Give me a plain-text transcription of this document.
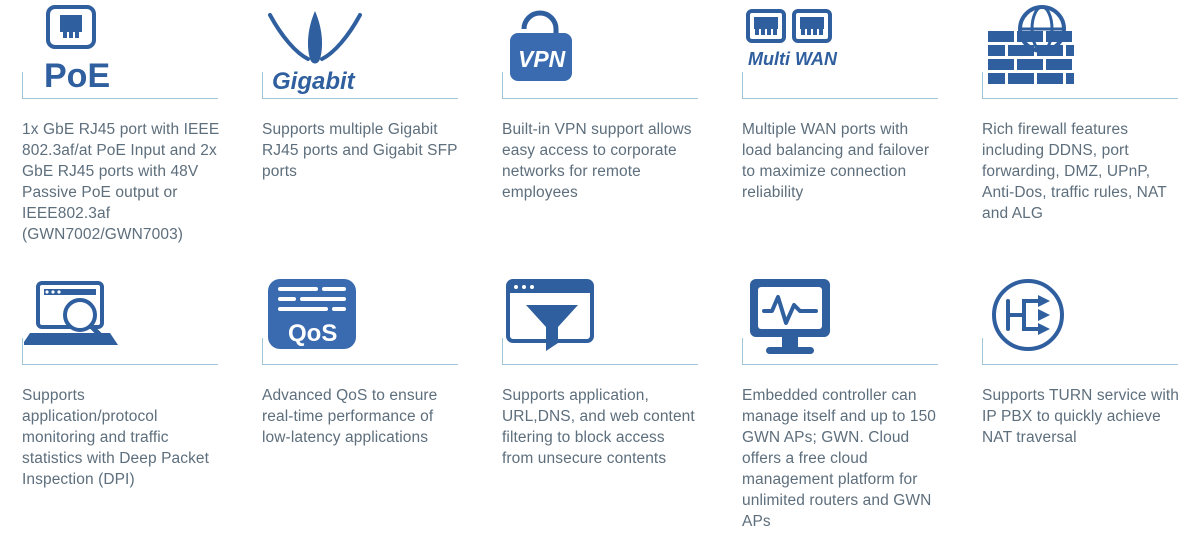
PoE
1x GbE RJ45 port with IEEE 802.3af/at PoE Input and 2x GbE RJ45 ports with 48V Passive PoE output or IEEE802.3af (GWN7002/GWN7003)
Gigabit
Supports multiple Gigabit RJ45 ports and Gigabit SFP ports
VPN
Built-in VPN support allows easy access to corporate networks for remote employees
Multi WAN
Multiple WAN ports with load balancing and failover to maximize connection reliability
Rich firewall features including DDNS, port forwarding, DMZ, UPnP, Anti-Dos, traffic rules, NAT and ALG
Supports application/protocol monitoring and traffic statistics with Deep Packet Inspection (DPI)
QoS
Advanced QoS to ensure real-time performance of low-latency applications
Supports application, URL,DNS, and web content filtering to block access from unsecure contents
Embedded controller can manage itself and up to 150 GWN APs; GWN. Cloud offers a free cloud management platform for unlimited routers and GWN APs
Supports TURN service with IP PBX to quickly achieve NAT traversal
